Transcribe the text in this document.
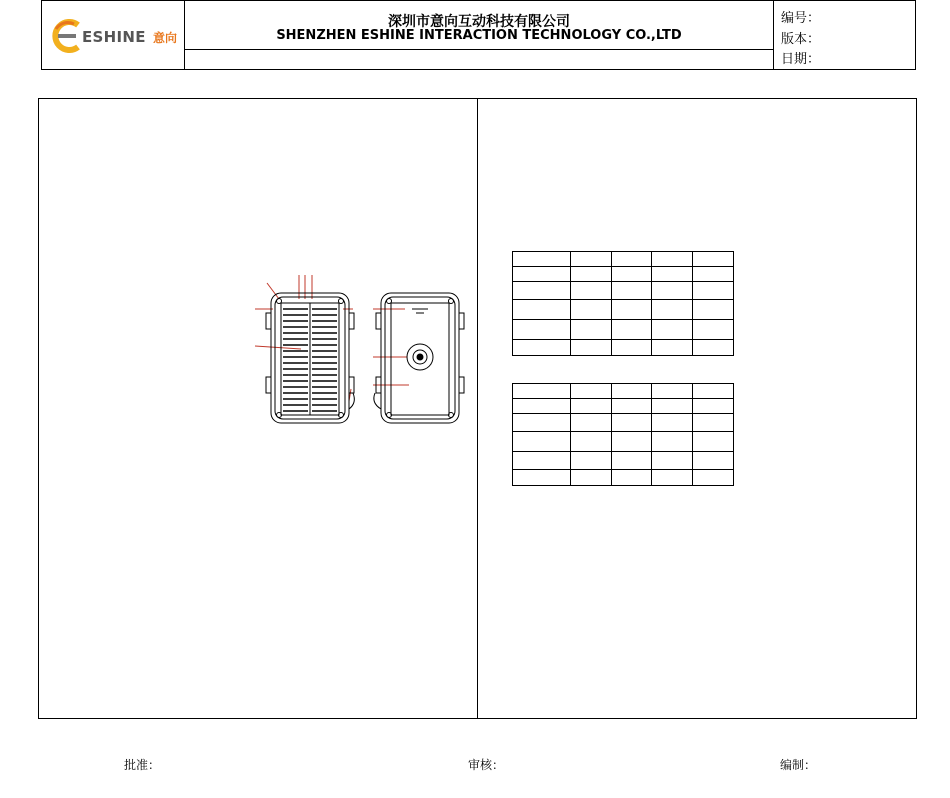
ESHINE 意向
深圳市意向互动科技有限公司
SHENZHEN ESHINE INTERACTION TECHNOLOGY CO.,LTD
编号：
版本：
日期：

批准：	审核：	编制：
